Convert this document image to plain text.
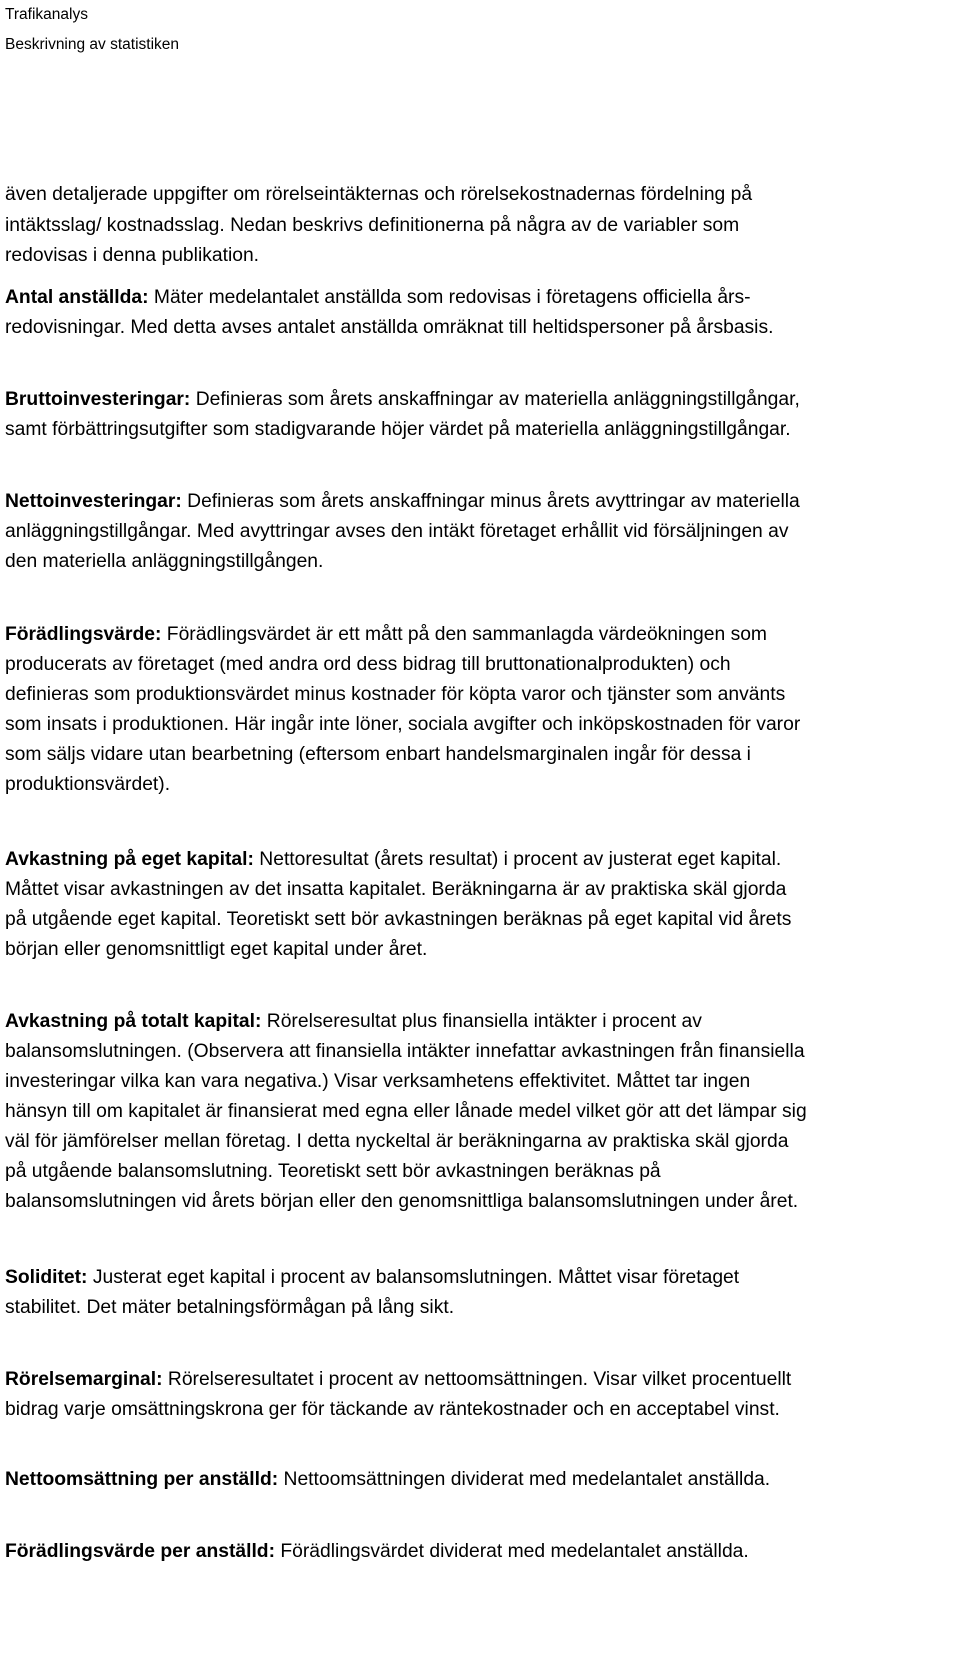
Trafikanalys
Beskrivning av statistiken

även detaljerade uppgifter om rörelseintäkternas och rörelsekostnadernas fördelning på
intäktsslag/ kostnadsslag. Nedan beskrivs definitionerna på några av de variabler som
redovisas i denna publikation.

Antal anställda: Mäter medelantalet anställda som redovisas i företagens officiella års-
redovisningar. Med detta avses antalet anställda omräknat till heltidspersoner på årsbasis.

Bruttoinvesteringar: Definieras som årets anskaffningar av materiella anläggningstillgångar,
samt förbättringsutgifter som stadigvarande höjer värdet på materiella anläggningstillgångar.

Nettoinvesteringar: Definieras som årets anskaffningar minus årets avyttringar av materiella
anläggningstillgångar. Med avyttringar avses den intäkt företaget erhållit vid försäljningen av
den materiella anläggningstillgången.

Förädlingsvärde: Förädlingsvärdet är ett mått på den sammanlagda värdeökningen som
producerats av företaget (med andra ord dess bidrag till bruttonationalprodukten) och
definieras som produktionsvärdet minus kostnader för köpta varor och tjänster som använts
som insats i produktionen. Här ingår inte löner, sociala avgifter och inköpskostnaden för varor
som säljs vidare utan bearbetning (eftersom enbart handelsmarginalen ingår för dessa i
produktionsvärdet).

Avkastning på eget kapital: Nettoresultat (årets resultat) i procent av justerat eget kapital.
Måttet visar avkastningen av det insatta kapitalet. Beräkningarna är av praktiska skäl gjorda
på utgående eget kapital. Teoretiskt sett bör avkastningen beräknas på eget kapital vid årets
början eller genomsnittligt eget kapital under året.

Avkastning på totalt kapital: Rörelseresultat plus finansiella intäkter i procent av
balansomslutningen. (Observera att finansiella intäkter innefattar avkastningen från finansiella
investeringar vilka kan vara negativa.) Visar verksamhetens effektivitet. Måttet tar ingen
hänsyn till om kapitalet är finansierat med egna eller lånade medel vilket gör att det lämpar sig
väl för jämförelser mellan företag. I detta nyckeltal är beräkningarna av praktiska skäl gjorda
på utgående balansomslutning. Teoretiskt sett bör avkastningen beräknas på
balansomslutningen vid årets början eller den genomsnittliga balansomslutningen under året.

Soliditet: Justerat eget kapital i procent av balansomslutningen. Måttet visar företaget
stabilitet. Det mäter betalningsförmågan på lång sikt.

Rörelsemarginal: Rörelseresultatet i procent av nettoomsättningen. Visar vilket procentuellt
bidrag varje omsättningskrona ger för täckande av räntekostnader och en acceptabel vinst.

Nettoomsättning per anställd: Nettoomsättningen dividerat med medelantalet anställda.

Förädlingsvärde per anställd: Förädlingsvärdet dividerat med medelantalet anställda.
